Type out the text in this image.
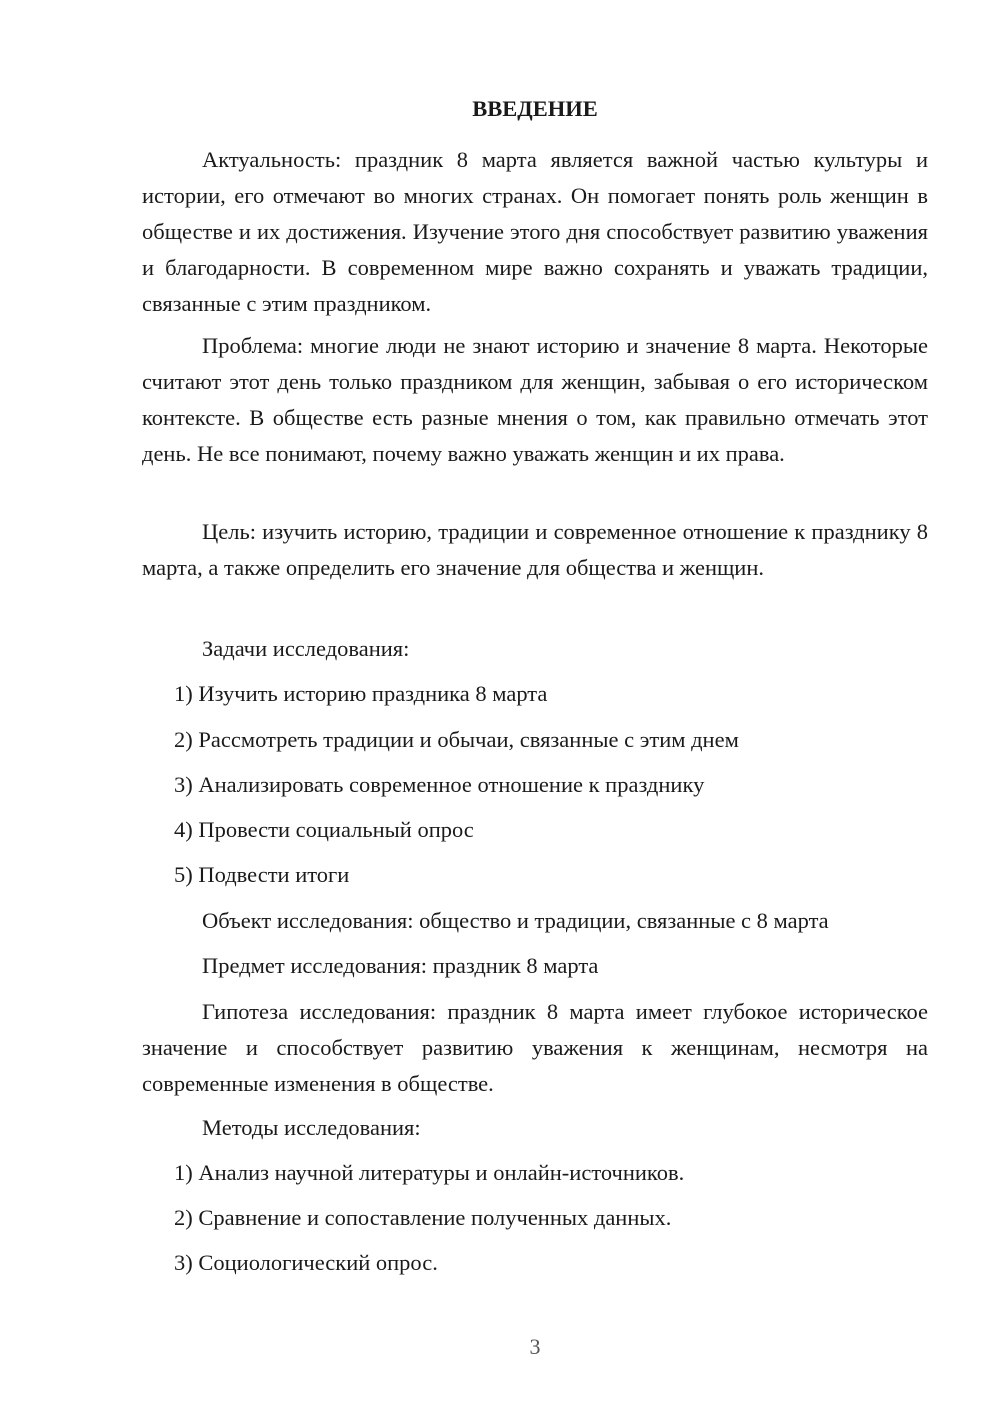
ВВЕДЕНИЕ
Актуальность: праздник 8 марта является важной частью культуры и истории, его отмечают во многих странах. Он помогает понять роль женщин в обществе и их достижения. Изучение этого дня способствует развитию уважения и благодарности. В современном мире важно сохранять и уважать традиции, связанные с этим праздником.
Проблема: многие люди не знают историю и значение 8 марта. Некоторые считают этот день только праздником для женщин, забывая о его историческом контексте. В обществе есть разные мнения о том, как правильно отмечать этот день. Не все понимают, почему важно уважать женщин и их права.
Цель: изучить историю, традиции и современное отношение к празднику 8 марта, а также определить его значение для общества и женщин.
Задачи исследования:
1) Изучить историю праздника 8 марта
2) Рассмотреть традиции и обычаи, связанные с этим днем
3) Анализировать современное отношение к празднику
4) Провести социальный опрос
5) Подвести итоги
Объект исследования: общество и традиции, связанные с 8 марта
Предмет исследования: праздник 8 марта
Гипотеза исследования: праздник 8 марта имеет глубокое историческое значение и способствует развитию уважения к женщинам, несмотря на современные изменения в обществе.
Методы исследования:
1) Анализ научной литературы и онлайн-источников.
2) Сравнение и сопоставление полученных данных.
3) Социологический опрос.
3
